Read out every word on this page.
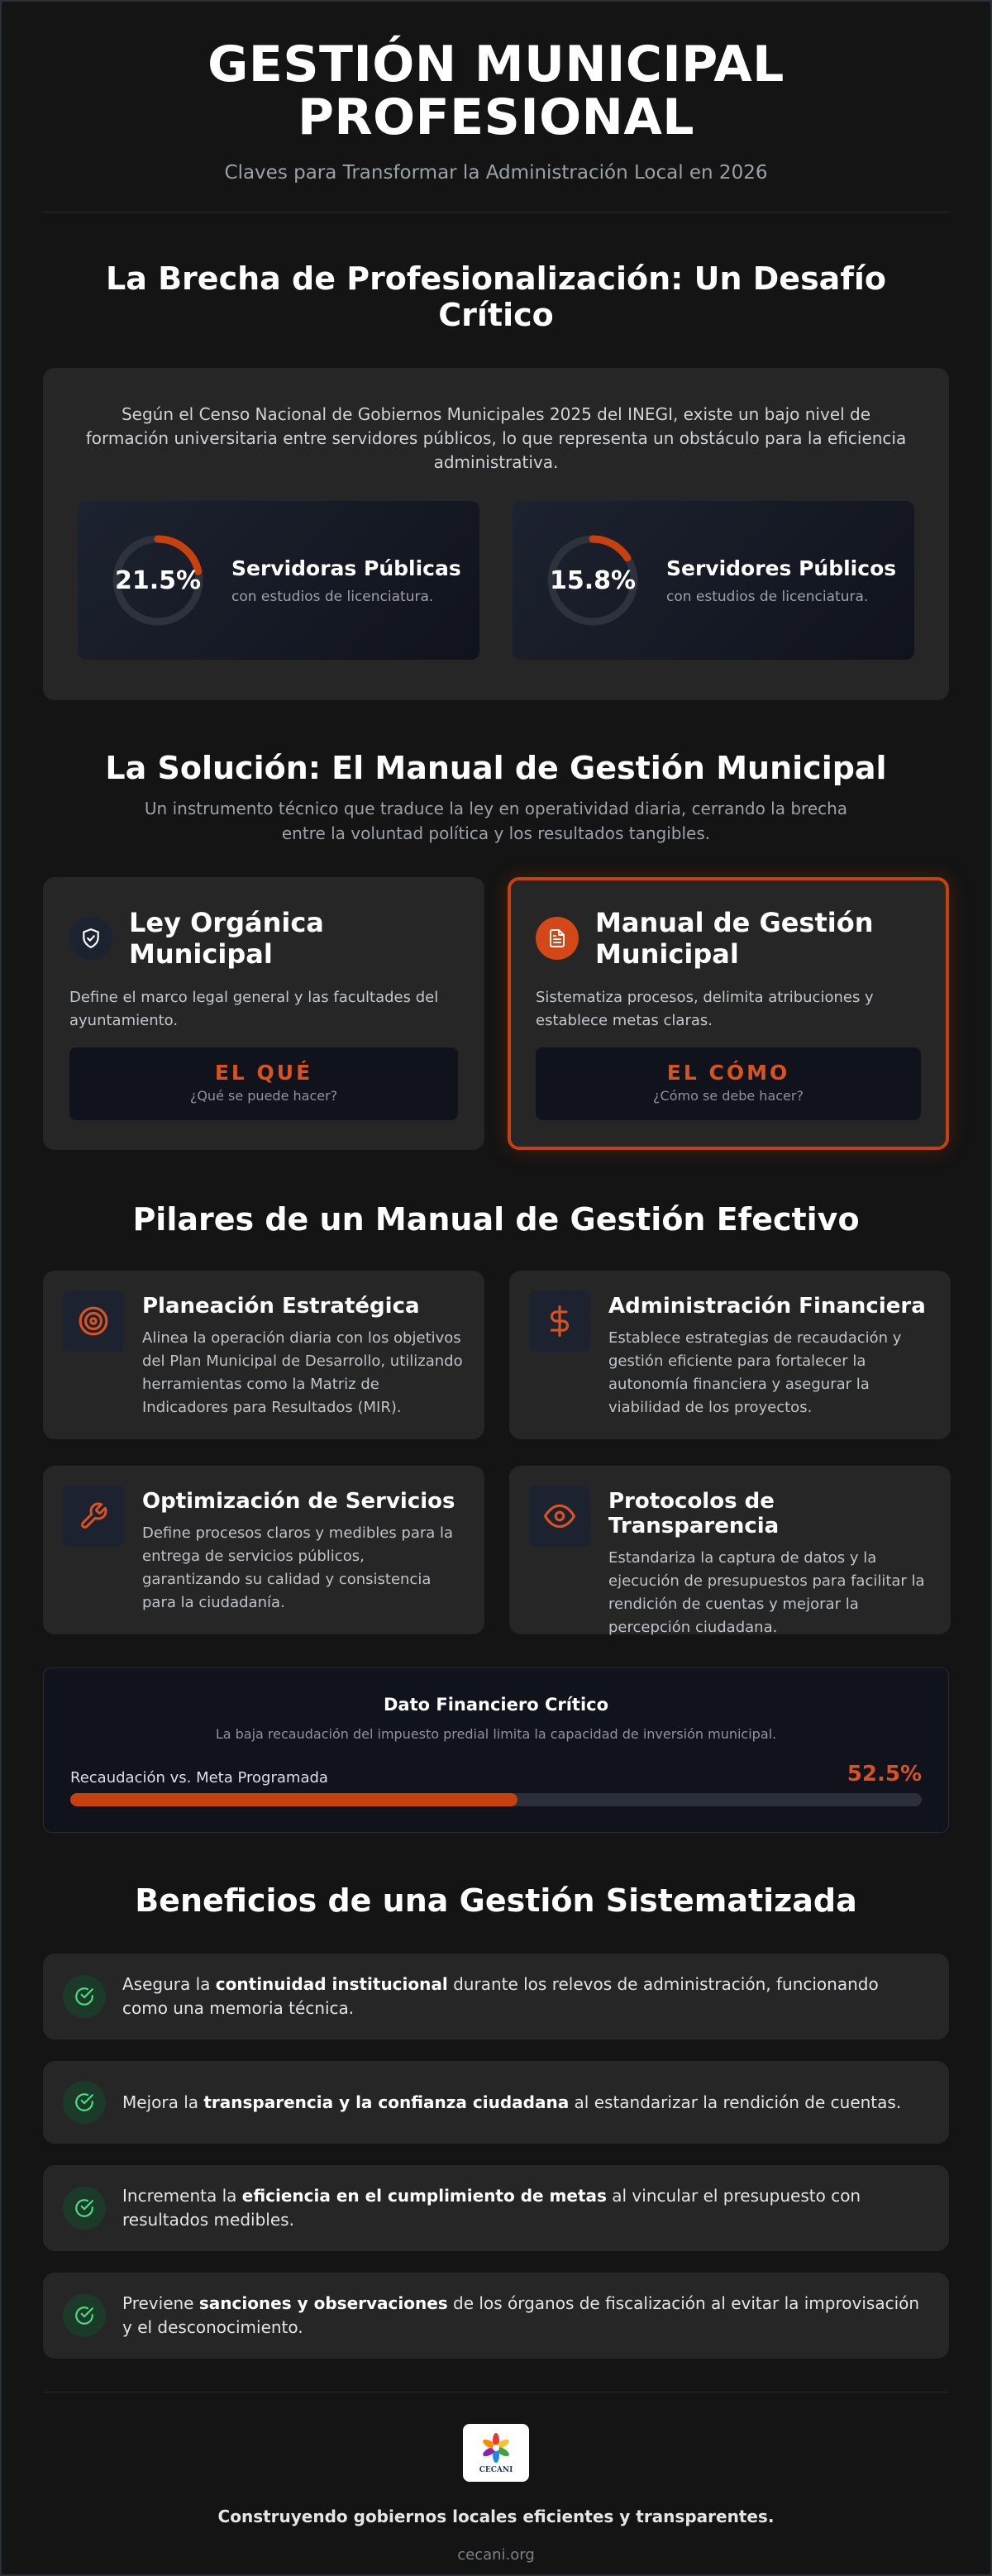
GESTIÓN MUNICIPAL
PROFESIONAL
Claves para Transformar la Administración Local en 2026
La Brecha de Profesionalización: Un Desafío Crítico

Según el Censo Nacional de Gobiernos Municipales 2025 del INEGI, existe un bajo nivel de formación universitaria entre servidores públicos, lo que representa un obstáculo para la eficiencia administrativa.

21.5% Servidoras Públicas
con estudios de licenciatura.
15.8% Servidores Públicos
con estudios de licenciatura.
La Solución: El Manual de Gestión Municipal
Un instrumento técnico que traduce la ley en operatividad diaria, cerrando la brecha entre la voluntad política y los resultados tangibles.
Ley Orgánica Municipal

Define el marco legal general y las facultades del ayuntamiento.

EL QUÉ
¿Qué se puede hacer?
Manual de Gestión Municipal

Sistematiza procesos, delimita atribuciones y establece metas claras.

EL CÓMO
¿Cómo se debe hacer?
Pilares de un Manual de Gestión Efectivo
Planeación Estratégica

Alinea la operación diaria con los objetivos del Plan Municipal de Desarrollo, utilizando herramientas como la Matriz de Indicadores para Resultados (MIR).

Administración Financiera

Establece estrategias de recaudación y gestión eficiente para fortalecer la autonomía financiera y asegurar la viabilidad de los proyectos.

Optimización de Servicios

Define procesos claros y medibles para la entrega de servicios públicos, garantizando su calidad y consistencia para la ciudadanía.

Protocolos de Transparencia

Estandariza la captura de datos y la ejecución de presupuestos para facilitar la rendición de cuentas y mejorar la percepción ciudadana.

Dato Financiero Crítico
La baja recaudación del impuesto predial limita la capacidad de inversión municipal.
Recaudación vs. Meta Programada	52.5%
Beneficios de una Gestión Sistematizada
Asegura la continuidad institucional durante los relevos de administración, funcionando como una memoria técnica.
Mejora la transparencia y la confianza ciudadana al estandarizar la rendición de cuentas.
Incrementa la eficiencia en el cumplimiento de metas al vincular el presupuesto con resultados medibles.
Previene sanciones y observaciones de los órganos de fiscalización al evitar la improvisación y el desconocimiento.
CECANI
Construyendo gobiernos locales eficientes y transparentes.
cecani.org
